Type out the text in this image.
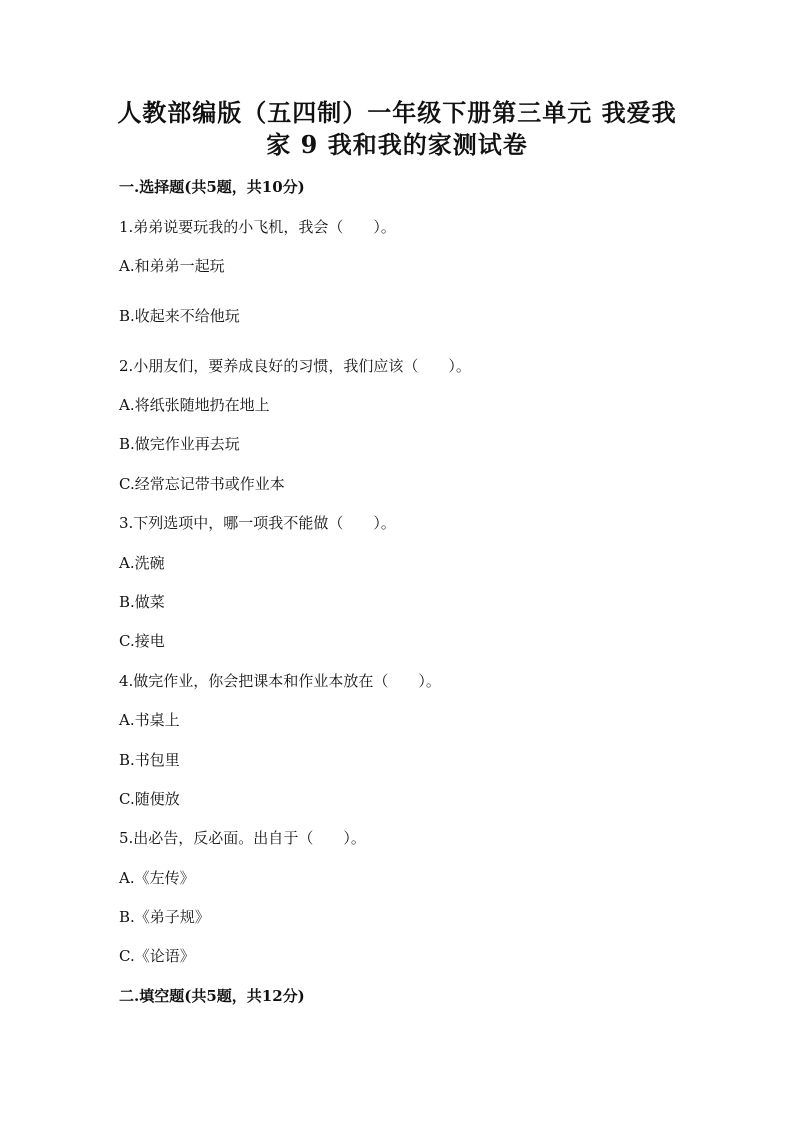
人教部编版（五四制）一年级下册第三单元 我爱我
家 9 我和我的家测试卷

一.选择题(共5题，共10分)

1.弟弟说要玩我的小飞机，我会（　　）。

A.和弟弟一起玩

B.收起来不给他玩

2.小朋友们，要养成良好的习惯，我们应该（　　）。

A.将纸张随地扔在地上

B.做完作业再去玩

C.经常忘记带书或作业本

3.下列选项中，哪一项我不能做（　　）。

A.洗碗

B.做菜

C.接电

4.做完作业，你会把课本和作业本放在（　　）。

A.书桌上

B.书包里

C.随便放

5.出必告，反必面。出自于（　　）。

A.《左传》

B.《弟子规》

C.《论语》

二.填空题(共5题，共12分)
